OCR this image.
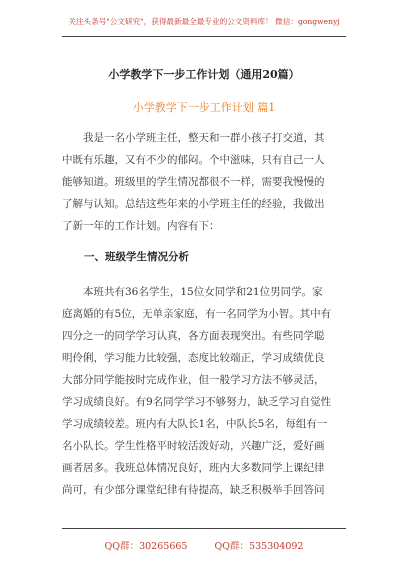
关注头条号"公文研究"，获得最新最全最专业的公文资料库！ 微信：gongwenyj
小学教学下一步工作计划（通用20篇）
小学教学下一步工作计划 篇1
我是一名小学班主任，整天和一群小孩子打交道，其
中既有乐趣，又有不少的郁闷。个中滋味，只有自己一人
能够知道。班级里的学生情况都很不一样，需要我慢慢的
了解与认知。总结这些年来的小学班主任的经验，我做出
了新一年的工作计划。内容有下：
一、班级学生情况分析
本班共有36名学生，15位女同学和21位男同学。家
庭离婚的有5位，无单亲家庭，有一名同学为小智。其中有
四分之一的同学学习认真，各方面表现突出。有些同学聪
明伶俐，学习能力比较强，态度比较端正，学习成绩优良
大部分同学能按时完成作业，但一般学习方法不够灵活，
学习成绩良好。有9名同学学习不够努力，缺乏学习自觉性
学习成绩较差。班内有大队长1名，中队长5名，每组有一
名小队长。学生性格平时较活泼好动，兴趣广泛，爱好画
画者居多。我班总体情况良好，班内大多数同学上课纪律
尚可，有少部分课堂纪律有待提高，缺乏积极举手回答问
QQ群：30265665	QQ群：535304092
